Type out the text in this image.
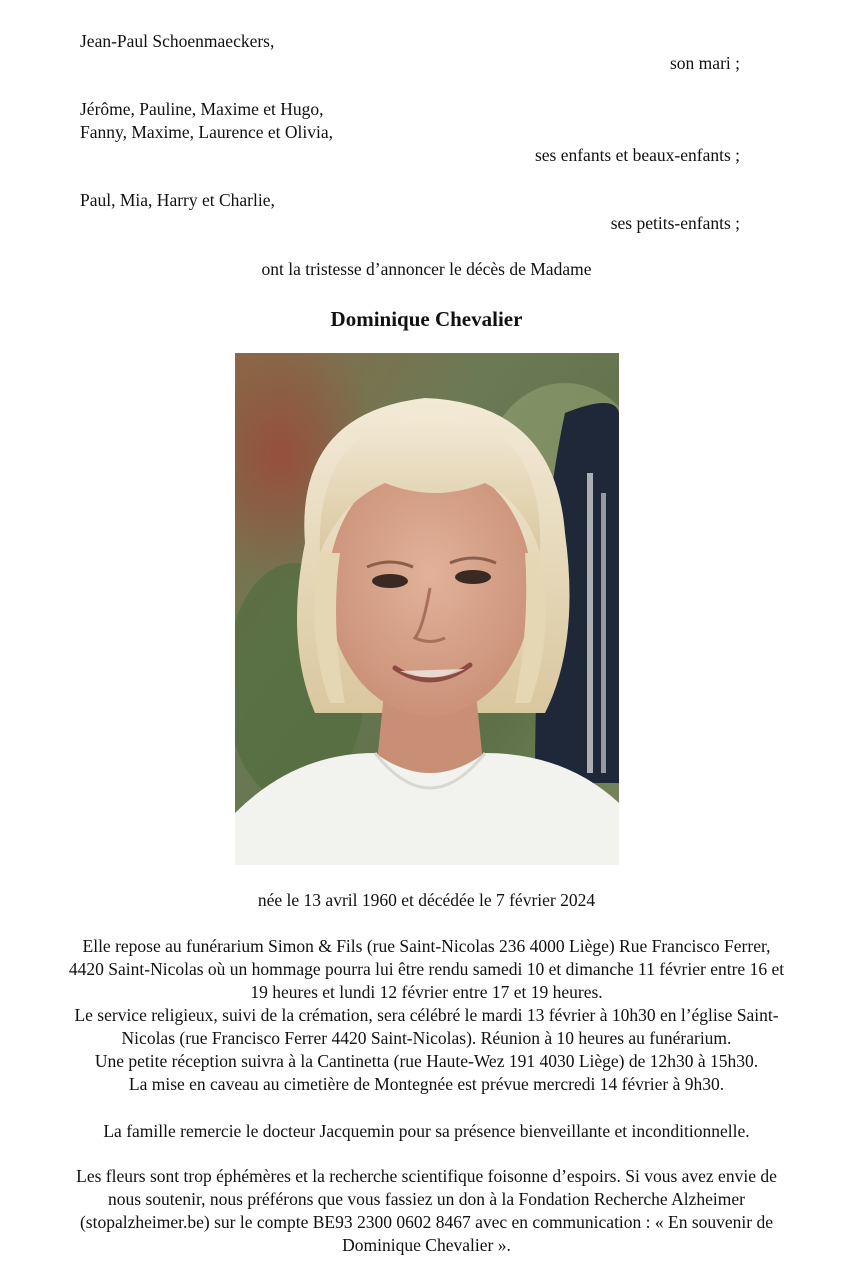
Jean-Paul Schoenmaeckers,
son mari ;
Jérôme, Pauline, Maxime et Hugo,
Fanny, Maxime, Laurence et Olivia,
ses enfants et beaux-enfants ;
Paul, Mia, Harry et Charlie,
ses petits-enfants ;
ont la tristesse d’annoncer le décès de Madame
Dominique Chevalier
née le 13 avril 1960 et décédée le 7 février 2024
Elle repose au funérarium Simon & Fils (rue Saint-Nicolas 236 4000 Liège) Rue Francisco Ferrer,
4420 Saint-Nicolas où un hommage pourra lui être rendu samedi 10 et dimanche 11 février entre 16 et
19 heures et lundi 12 février entre 17 et 19 heures.
Le service religieux, suivi de la crémation, sera célébré le mardi 13 février à 10h30 en l’église Saint-
Nicolas (rue Francisco Ferrer 4420 Saint-Nicolas). Réunion à 10 heures au funérarium.
Une petite réception suivra à la Cantinetta (rue Haute-Wez 191 4030 Liège) de 12h30 à 15h30.
La mise en caveau au cimetière de Montegnée est prévue mercredi 14 février à 9h30.
La famille remercie le docteur Jacquemin pour sa présence bienveillante et inconditionnelle.
Les fleurs sont trop éphémères et la recherche scientifique foisonne d’espoirs. Si vous avez envie de
nous soutenir, nous préférons que vous fassiez un don à la Fondation Recherche Alzheimer
(stopalzheimer.be) sur le compte BE93 2300 0602 8467 avec en communication : « En souvenir de
Dominique Chevalier ».
